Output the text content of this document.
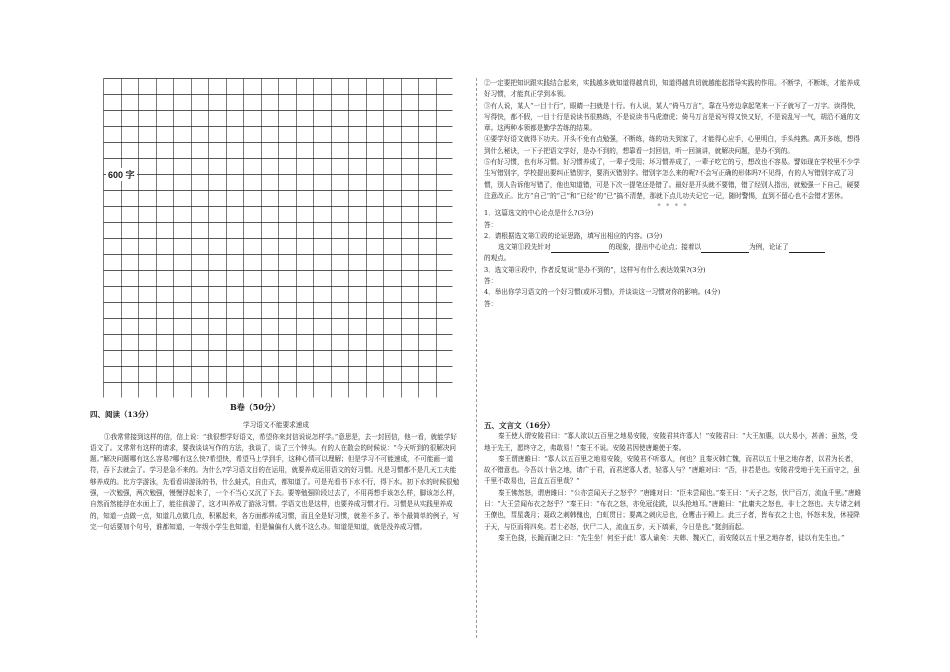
600 字
B卷（50分）

四、阅读（13分）

学习语文不能要求速成

①我常常接到这样的信，信上说：“我很想学好语文，希望你来封信说说怎样学。”意思是，去一封回信，他一看，就能学好语文了。又常常有这样的请求，要我谈谈写作的方法，我谈了，谈了三个钟头。有的人在散会的时候说：“今天听到的很解决问题。”解决问题哪有这么容易?哪有这么快?希望快，希望马上学到手，这种心情可以理解；但是学习不可能速成，不可能画一道符，吞下去就会了。学习是急不来的。为什么?学习语文目的在运用，就要养成运用语文的好习惯。凡是习惯都不是几天工夫能够养成的。比方学游泳，先看看讲游泳的书，什么蛙式，自由式，都知道了。可是光看书下水不行，得下水。初下水的时候很勉强，一次勉强，两次勉强，慢慢浮起来了，一个不当心又沉了下去。要等勉强阶段过去了，不用再想手该怎么样，脚该怎么样，自然而然能浮在水面上了，能往前游了，这才叫养成了游泳习惯。学语文也是这样，也要养成习惯才行。习惯是从实践里养成的，知道一点做一点，知道几点做几点，积累起来，各方面都养成习惯，而且全是好习惯，就差不多了。举个最简单的例子，写完一句话要加个句号，谁都知道，一年级小学生也知道，但是偏偏有人就不这么办。知道是知道，就是没养成习惯。

②一定要把知识跟实践结合起来，实践越多就知道得越真切，知道得越真切就越能起指导实践的作用。不断学，不断练，才能养成好习惯，才能真正学到本领。

③有人说，某人“一目十行”，眼睛一扫就是十行。有人说，某人“倚马万言”，靠在马旁边拿起笔来一下子就写了一万字。读得快，写得快，都不假，一目十行是说读书很熟练，不是说读书马虎潦虎；倚马万言是说写得又快又好，不是说乱写一气，胡沿不通的文章。这两种本领都是勤学苦练的结果。

④要学好语文就得下功夫。开头不免有点勉强，不断练，练的功夫到家了，才能得心应手，心里明白，手头纯熟。离开多练，想得到什么秘诀，一下子把语文学好，是办不到的，想靠看一封回信，听一回演讲，就解决问题，是办不到的。

⑤有好习惯，也有坏习惯。好习惯养成了，一辈子受用；坏习惯养成了，一辈子吃它的亏，想改也不容易。譬如现在学校里不少学生写错别字，学校提出要纠正错别字，要消灭错别字。错别字怎么来的呢?不会写正确的形体吗?不见得，有的人写错别字成了习惯，别人告诉他写错了，他也知道错，可是下次一提笔还是错了。最好是开头就不要错，错了经别人指出，就勉强一下自己，硬要注意改正。比方“自己”的“己”和“已经”的“已”搞不清楚，那就下点儿功夫记它一记，随时警惕，直到不留心也不会错才罢休。

※ ※ ※ ※

1．这篇选文的中心论点是什么?(3分)

答：

2．请根据选文第①段的论证思路，填写出相应的内容。(3分)

选文第①段先针对	的现象，提出中心论点；接着以	为例，论证了

的观点。

3．选文第④段中，作者反复说“是办不到的”，这样写有什么表达效果?(3分)

答：

4．举出你学习语文的一个好习惯(或坏习惯)，并谈谈这一习惯对你的影响。(4分)

答：

五、文言文（16分）

秦王使人谓安陵君曰：“寡人欲以五百里之地易安陵，安陵君其许寡人！”安陵君曰：“大王加惠，以大易小，甚善；虽然，受地于先王，愿终守之，弗敢易！”秦王不说。安陵君因使唐雎使于秦。

秦王谓唐雎曰：“寡人以五百里之地易安陵，安陵君不听寡人，何也？且秦灭韩亡魏，而君以五十里之地存者，以君为长者，故不错意也。今吾以十倍之地，请广于君，而君逆寡人者，轻寡人与？”唐雎对曰：“否，非若是也。安陵君受地于先王而守之，虽千里不敢易也，岂直五百里哉？”

秦王怫然怒，谓唐雎曰：“公亦尝闻天子之怒乎？”唐雎对曰：“臣未尝闻也。”秦王曰：“天子之怒，伏尸百万，流血千里。”唐雎曰：“大王尝闻布衣之怒乎？”秦王曰：“布衣之怒，亦免冠徒跣，以头抢地耳。”唐雎曰：“此庸夫之怒也，非士之怒也。夫专诸之刺王僚也，彗星袭月；聂政之刺韩傀也，白虹贯日；要离之刺庆忌也，仓鹰击于殿上。此三子者，皆布衣之士也，怀怒未发，休祲降于天，与臣而将四矣。若士必怒，伏尸二人，流血五步，天下缟素，今日是也。”挺剑而起。

秦王色挠，长跪而谢之曰：“先生坐！何至于此！寡人谕矣：夫韩、魏灭亡，而安陵以五十里之地存者，徒以有先生也。”
